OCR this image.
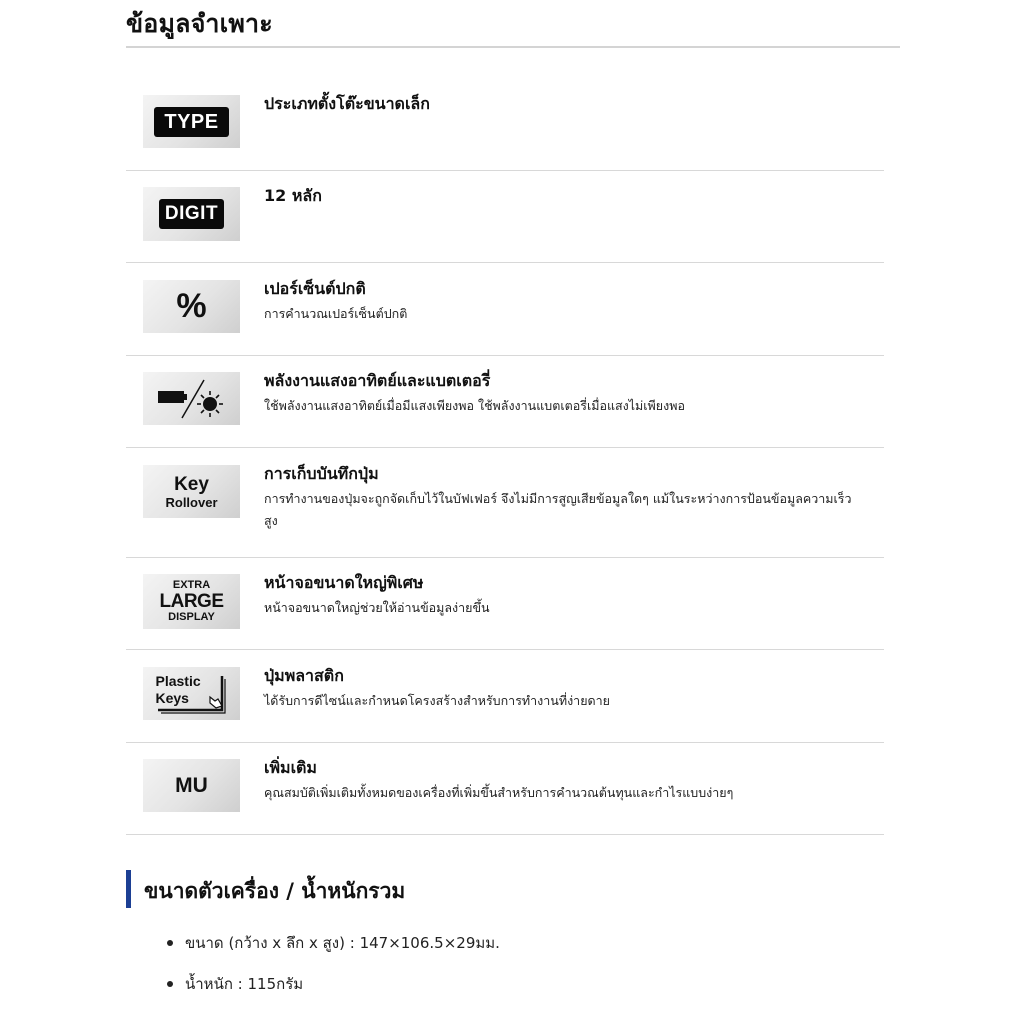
ข้อมูลจำเพาะ
TYPE
ประเภทตั้งโต๊ะขนาดเล็ก
DIGIT
12 หลัก
%	เปอร์เซ็นต์ปกติ
การคำนวณเปอร์เซ็นต์ปกติ
พลังงานแสงอาทิตย์และแบตเตอรี่
ใช้พลังงานแสงอาทิตย์เมื่อมีแสงเพียงพอ ใช้พลังงานแบตเตอรี่เมื่อแสงไม่เพียงพอ
Key
Rollover
การเก็บบันทึกปุ่ม
การทำงานของปุ่มจะถูกจัดเก็บไว้ในบัฟเฟอร์ จึงไม่มีการสูญเสียข้อมูลใดๆ แม้ในระหว่างการป้อนข้อมูลความเร็วสูง
EXTRA
LARGE
DISPLAY
หน้าจอขนาดใหญ่พิเศษ
หน้าจอขนาดใหญ่ช่วยให้อ่านข้อมูลง่ายขึ้น
Plastic
Keys
ปุ่มพลาสติก
ได้รับการดีไซน์และกำหนดโครงสร้างสำหรับการทำงานที่ง่ายดาย
MU
เพิ่มเติม
คุณสมบัติเพิ่มเติมทั้งหมดของเครื่องที่เพิ่มขึ้นสำหรับการคำนวณต้นทุนและกำไรแบบง่ายๆ
ขนาดตัวเครื่อง / น้ำหนักรวม
ขนาด (กว้าง x ลึก x สูง) : 147×106.5×29มม.
น้ำหนัก : 115กรัม
